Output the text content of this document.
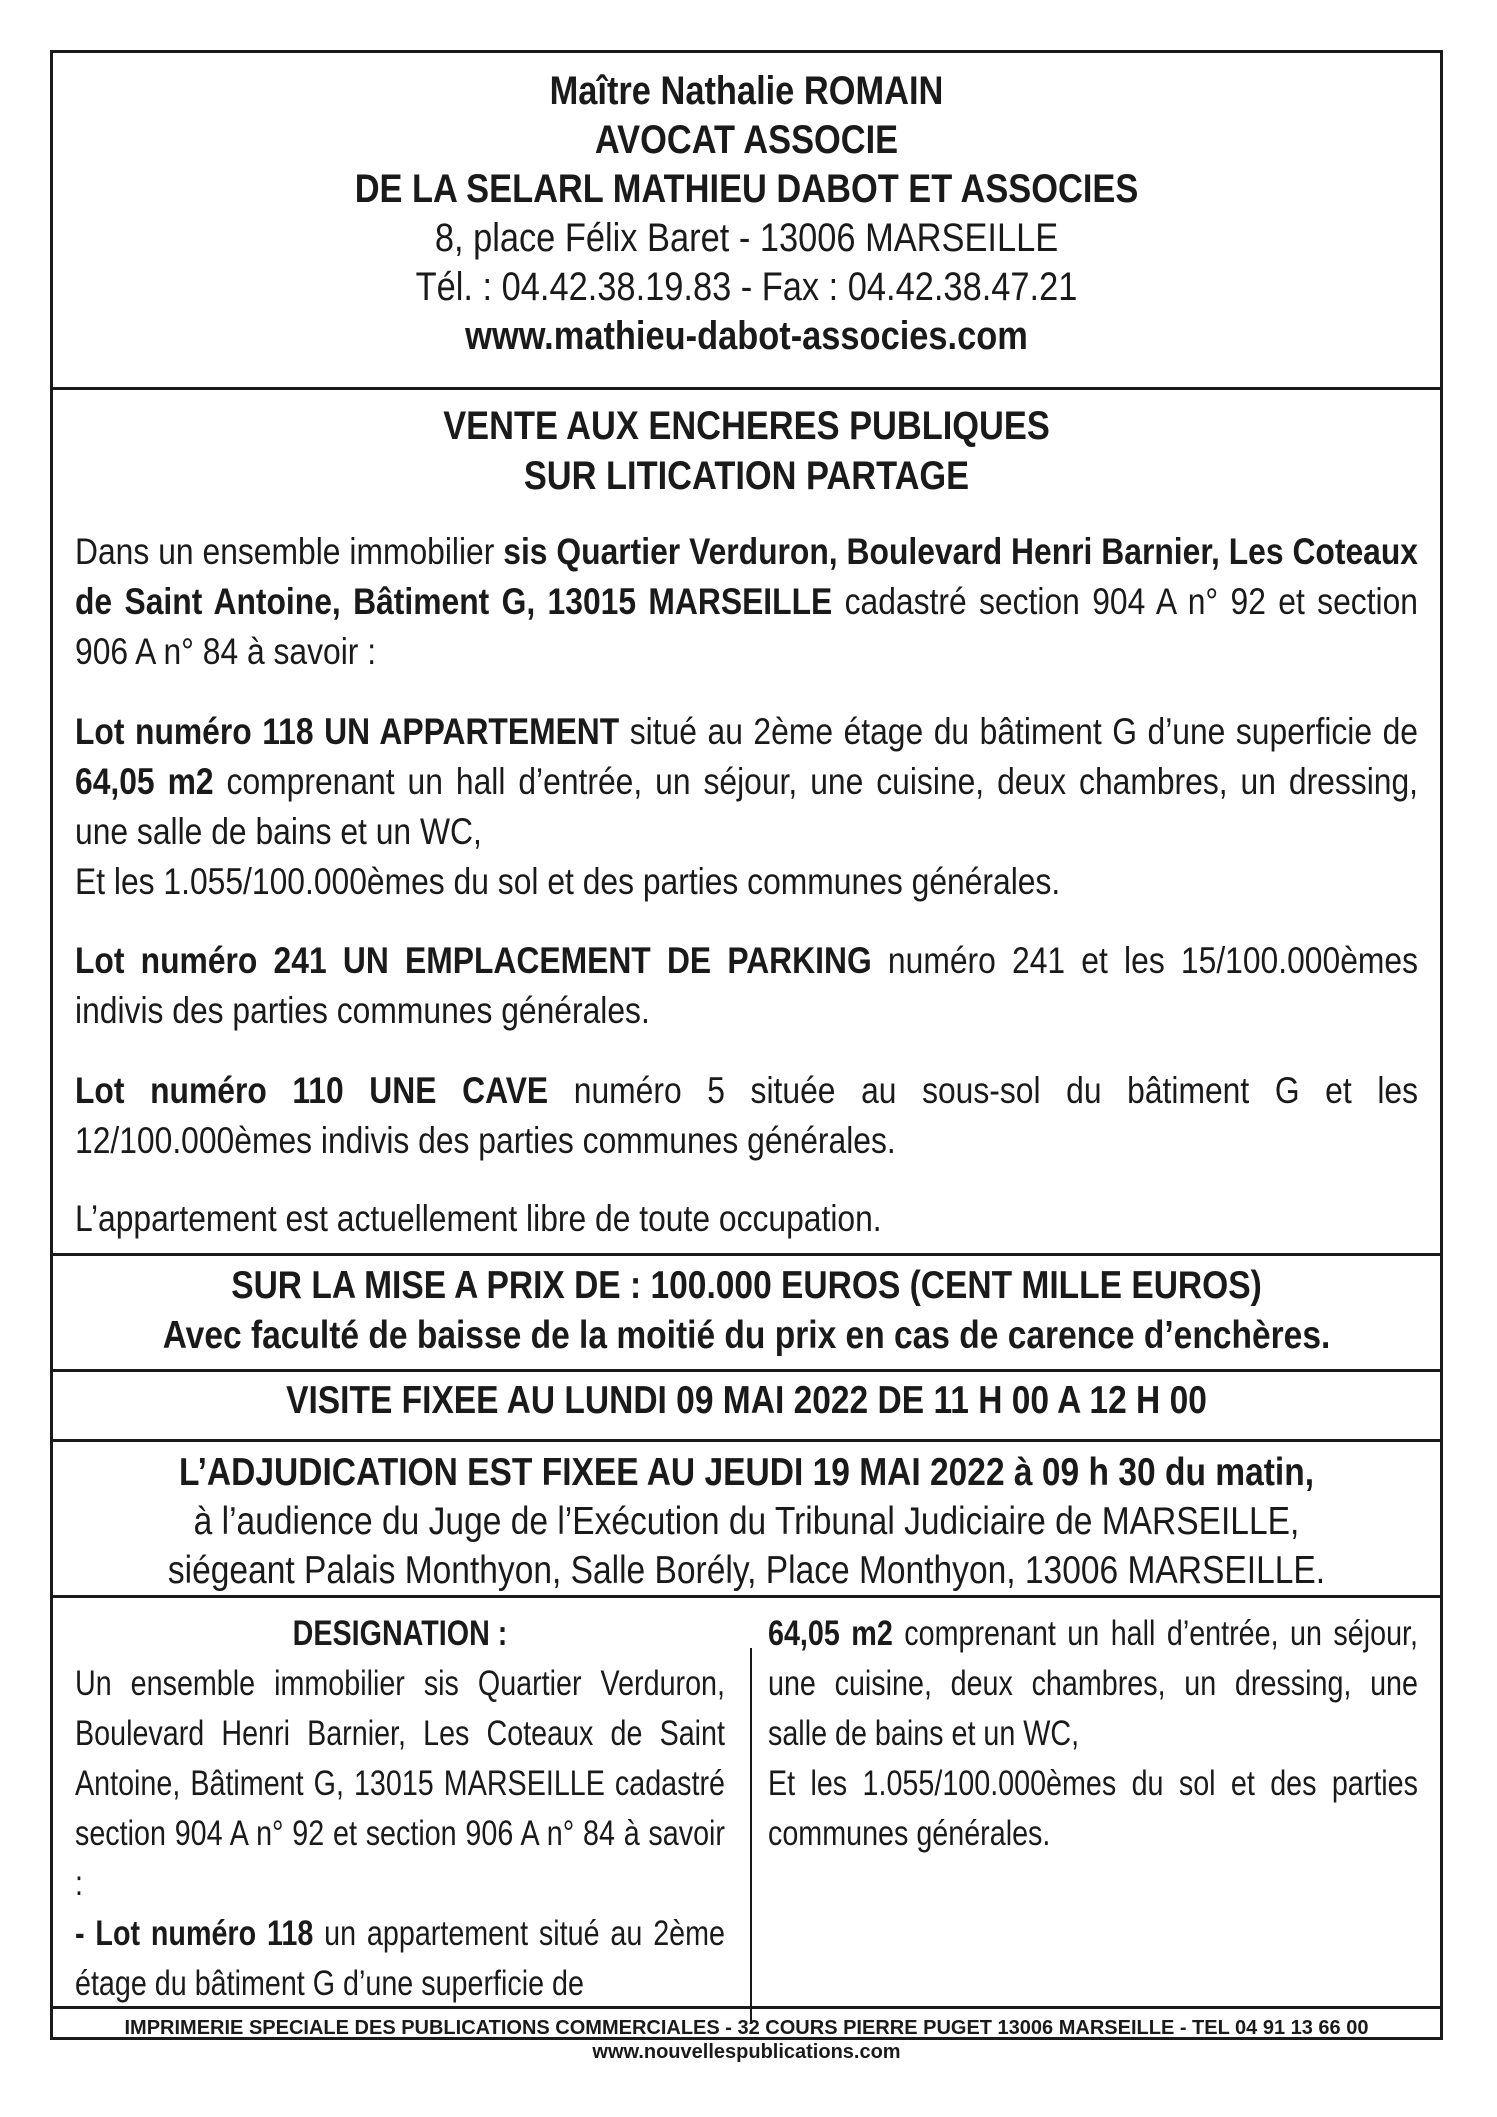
Maître Nathalie ROMAIN
AVOCAT ASSOCIE
DE LA SELARL MATHIEU DABOT ET ASSOCIES
8, place Félix Baret - 13006 MARSEILLE
Tél. : 04.42.38.19.83 - Fax : 04.42.38.47.21
www.mathieu-dabot-associes.com
VENTE AUX ENCHERES PUBLIQUES
SUR LITICATION PARTAGE
Dans un ensemble immobilier sis Quartier Verduron, Boulevard Henri Barnier, Les Coteaux de Saint Antoine, Bâtiment G, 13015 MARSEILLE cadastré section 904 A n° 92 et section 906 A n° 84 à savoir :
Lot numéro 118 UN APPARTEMENT situé au 2ème étage du bâtiment G d’une superficie de 64,05 m2 comprenant un hall d’entrée, un séjour, une cuisine, deux chambres, un dressing, une salle de bains et un WC,
Et les 1.055/100.000èmes du sol et des parties communes générales.
Lot numéro 241 UN EMPLACEMENT DE PARKING numéro 241 et les 15/100.000èmes indivis des parties communes générales.
Lot numéro 110 UNE CAVE numéro 5 située au sous-sol du bâtiment G et les 12/100.000èmes indivis des parties communes générales.
L’appartement est actuellement libre de toute occupation.
SUR LA MISE A PRIX DE : 100.000 EUROS (CENT MILLE EUROS)
Avec faculté de baisse de la moitié du prix en cas de carence d’enchères.
VISITE FIXEE AU LUNDI 09 MAI 2022 DE 11 H 00 A 12 H 00
L’ADJUDICATION EST FIXEE AU JEUDI 19 MAI 2022 à 09 h 30 du matin,
à l’audience du Juge de l’Exécution du Tribunal Judiciaire de MARSEILLE,
siégeant Palais Monthyon, Salle Borély, Place Monthyon, 13006 MARSEILLE.
DESIGNATION :
Un ensemble immobilier sis Quartier Verduron, Boulevard Henri Barnier, Les Coteaux de Saint Antoine, Bâtiment G, 13015 MARSEILLE cadastré section 904 A n° 92 et section 906 A n° 84 à savoir :
- Lot numéro 118 un appartement situé au 2ème étage du bâtiment G d’une superficie de
64,05 m2 comprenant un hall d’entrée, un séjour, une cuisine, deux chambres, un dressing, une salle de bains et un WC,
Et les 1.055/100.000èmes du sol et des parties communes générales.
IMPRIMERIE SPECIALE DES PUBLICATIONS COMMERCIALES - 32 COURS PIERRE PUGET 13006 MARSEILLE - TEL 04 91 13 66 00
www.nouvellespublications.com
